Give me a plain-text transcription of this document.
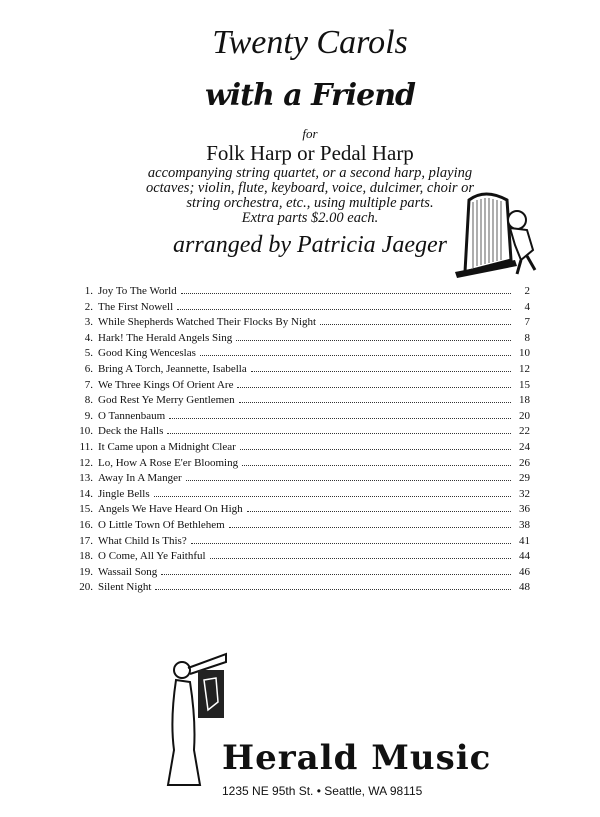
Twenty Carols
with a Friend
for
Folk Harp or Pedal Harp
accompanying string quartet, or a second harp, playing
octaves; violin, flute, keyboard, voice, dulcimer, choir or
string orchestra, etc., using multiple parts.
Extra parts $2.00 each.
arranged by Patricia Jaeger
1. Joy To The World	2
2. The First Nowell	4
3. While Shepherds Watched Their Flocks By Night	7
4. Hark! The Herald Angels Sing	8
5. Good King Wenceslas	10
6. Bring A Torch, Jeannette, Isabella	12
7. We Three Kings Of Orient Are	15
8. God Rest Ye Merry Gentlemen	18
9. O Tannenbaum	20
10. Deck the Halls	22
11. It Came upon a Midnight Clear	24
12. Lo, How A Rose E'er Blooming	26
13. Away In A Manger	29
14. Jingle Bells	32
15. Angels We Have Heard On High	36
16. O Little Town Of Bethlehem	38
17. What Child Is This?	41
18. O Come, All Ye Faithful	44
19. Wassail Song	46
20. Silent Night	48
Herald Music
1235 NE 95th St. • Seattle, WA 98115
